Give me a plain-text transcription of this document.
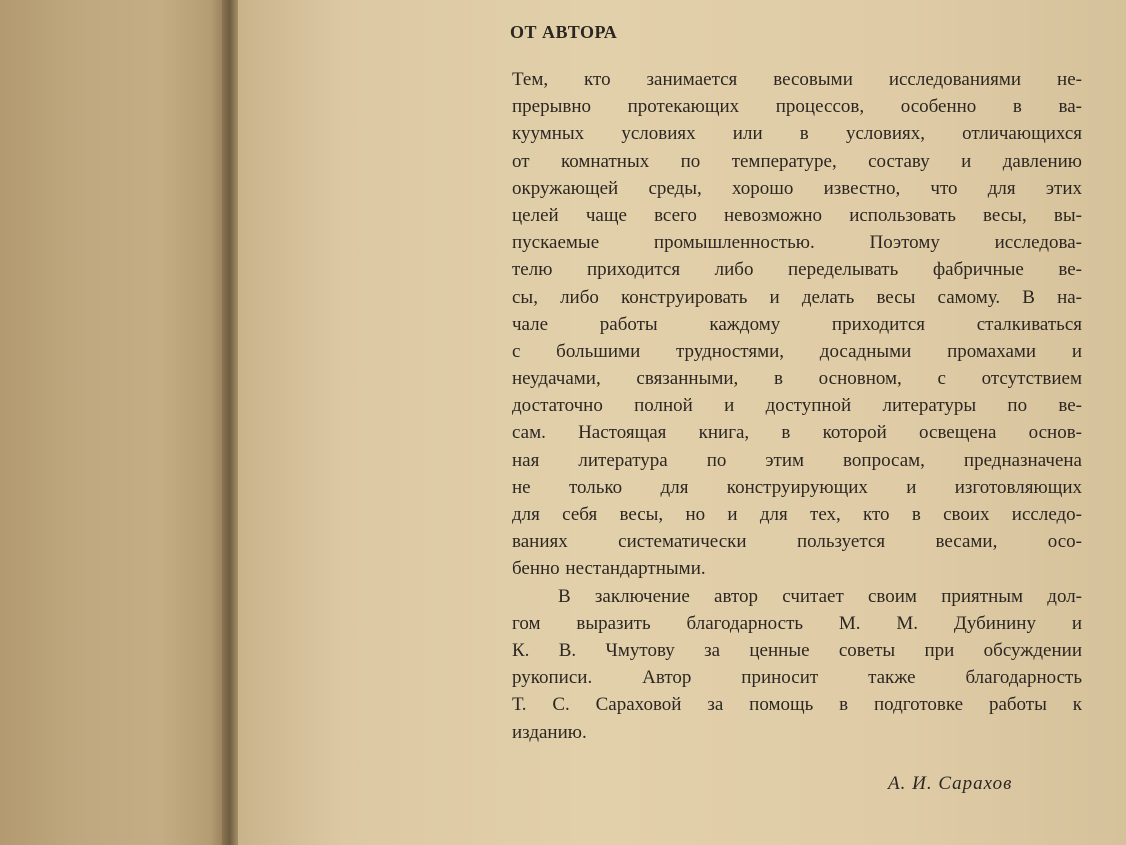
ОТ АВТОРА
Тем, кто занимается весовыми исследованиями не-
прерывно протекающих процессов, особенно в ва-
куумных условиях или в условиях, отличающихся
от комнатных по температуре, составу и давлению
окружающей среды, хорошо известно, что для этих
целей чаще всего невозможно использовать весы, вы-
пускаемые промышленностью. Поэтому исследова-
телю приходится либо переделывать фабричные ве-
сы, либо конструировать и делать весы самому. В на-
чале работы каждому приходится сталкиваться
с большими трудностями, досадными промахами и
неудачами, связанными, в основном, с отсутствием
достаточно полной и доступной литературы по ве-
сам. Настоящая книга, в которой освещена основ-
ная литература по этим вопросам, предназначена
не только для конструирующих и изготовляющих
для себя весы, но и для тех, кто в своих исследо-
ваниях систематически пользуется весами, осо-
бенно нестандартными.
В заключение автор считает своим приятным дол-
гом выразить благодарность М. М. Дубинину и
К. В. Чмутову за ценные советы при обсуждении
рукописи. Автор приносит также благодарность
Т. С. Сараховой за помощь в подготовке работы к
изданию.

А. И. Сарахов
